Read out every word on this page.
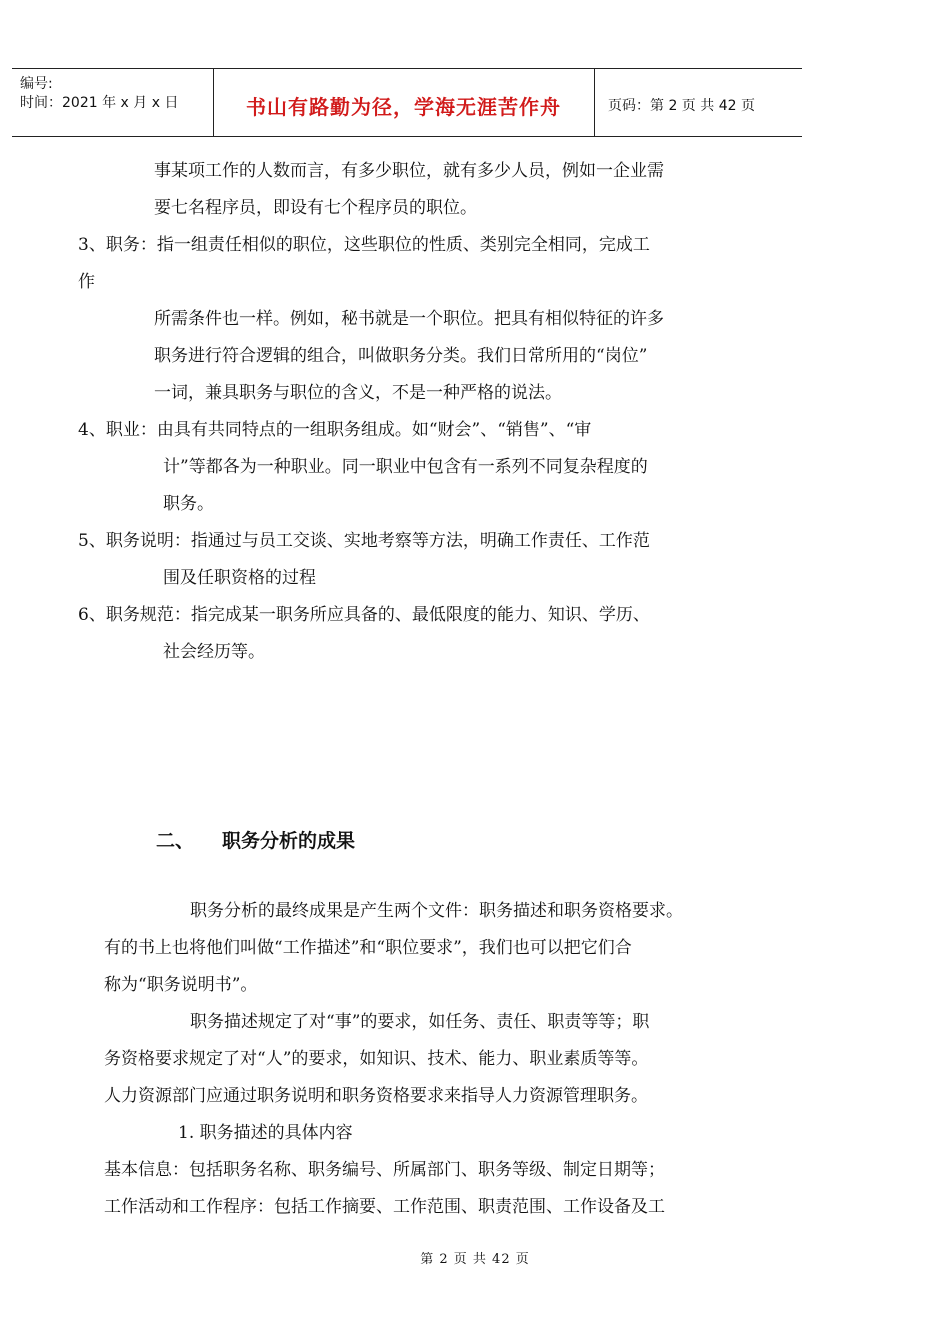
编号:
时间：2021 年 x 月 x 日	书山有路勤为径，学海无涯苦作舟	页码：第 2 页 共 42 页
事某项工作的人数而言，有多少职位，就有多少人员，例如一企业需
要七名程序员，即设有七个程序员的职位。
3、职务：指一组责任相似的职位，这些职位的性质、类别完全相同，完成工
作
所需条件也一样。例如，秘书就是一个职位。把具有相似特征的许多
职务进行符合逻辑的组合，叫做职务分类。我们日常所用的“岗位”
一词，兼具职务与职位的含义，不是一种严格的说法。
4、职业：由具有共同特点的一组职务组成。如“财会”、“销售”、“审
计”等都各为一种职业。同一职业中包含有一系列不同复杂程度的
职务。
5、职务说明：指通过与员工交谈、实地考察等方法，明确工作责任、工作范
围及任职资格的过程
6、职务规范：指完成某一职务所应具备的、最低限度的能力、知识、学历、
社会经历等。
二、 职务分析的成果
职务分析的最终成果是产生两个文件：职务描述和职务资格要求。
有的书上也将他们叫做“工作描述”和“职位要求”，我们也可以把它们合
称为“职务说明书”。
职务描述规定了对“事”的要求，如任务、责任、职责等等；职
务资格要求规定了对“人”的要求，如知识、技术、能力、职业素质等等。
人力资源部门应通过职务说明和职务资格要求来指导人力资源管理职务。
1. 职务描述的具体内容
基本信息：包括职务名称、职务编号、所属部门、职务等级、制定日期等；
工作活动和工作程序：包括工作摘要、工作范围、职责范围、工作设备及工
第 2 页 共 42 页
